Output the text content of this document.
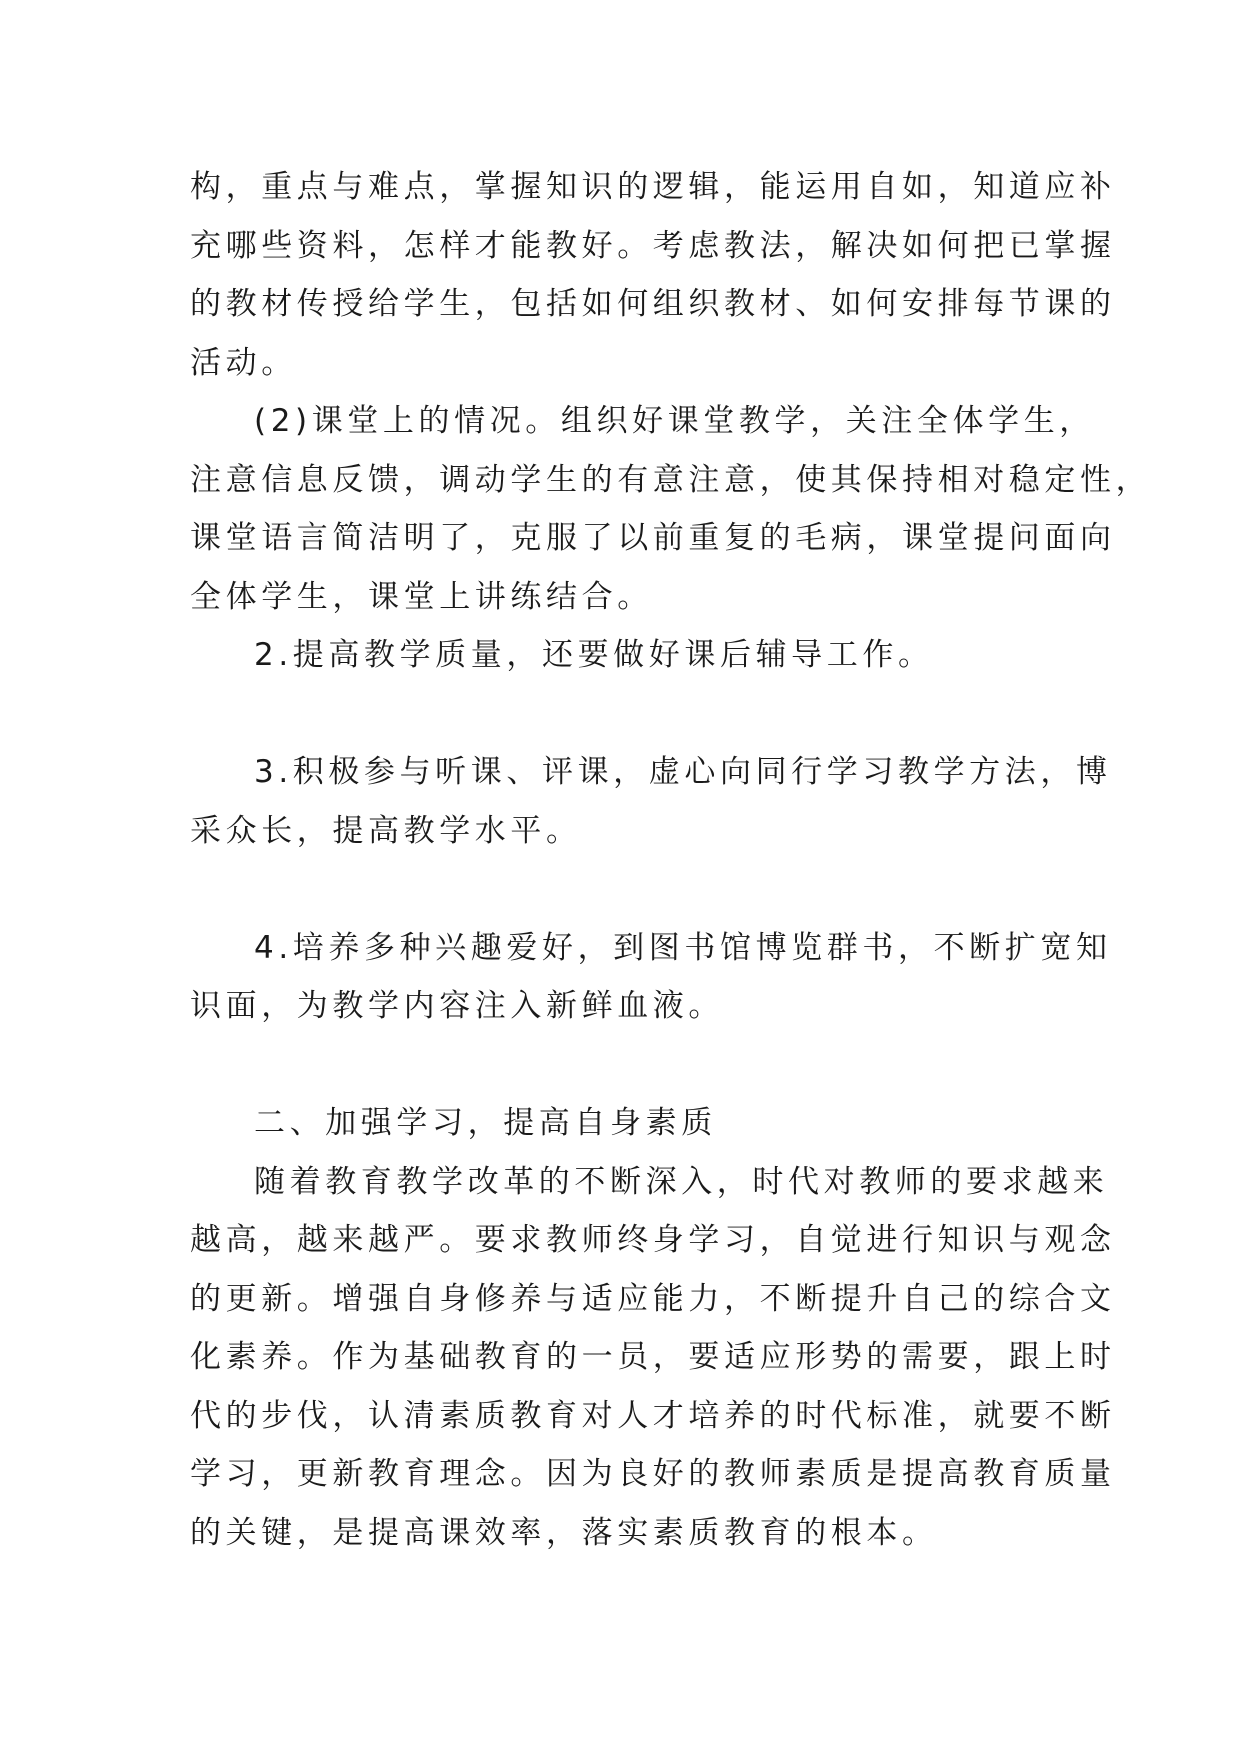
构，重点与难点，掌握知识的逻辑，能运用自如，知道应补

充哪些资料，怎样才能教好。考虑教法，解决如何把已掌握

的教材传授给学生，包括如何组织教材、如何安排每节课的

活动。

(2)课堂上的情况。组织好课堂教学，关注全体学生，

注意信息反馈，调动学生的有意注意，使其保持相对稳定性，

课堂语言简洁明了，克服了以前重复的毛病，课堂提问面向

全体学生，课堂上讲练结合。

2.提高教学质量，还要做好课后辅导工作。

3.积极参与听课、评课，虚心向同行学习教学方法，博

采众长，提高教学水平。

4.培养多种兴趣爱好，到图书馆博览群书，不断扩宽知

识面，为教学内容注入新鲜血液。

二、加强学习，提高自身素质

随着教育教学改革的不断深入，时代对教师的要求越来

越高，越来越严。要求教师终身学习，自觉进行知识与观念

的更新。增强自身修养与适应能力，不断提升自己的综合文

化素养。作为基础教育的一员，要适应形势的需要，跟上时

代的步伐，认清素质教育对人才培养的时代标准，就要不断

学习，更新教育理念。因为良好的教师素质是提高教育质量

的关键，是提高课效率，落实素质教育的根本。
